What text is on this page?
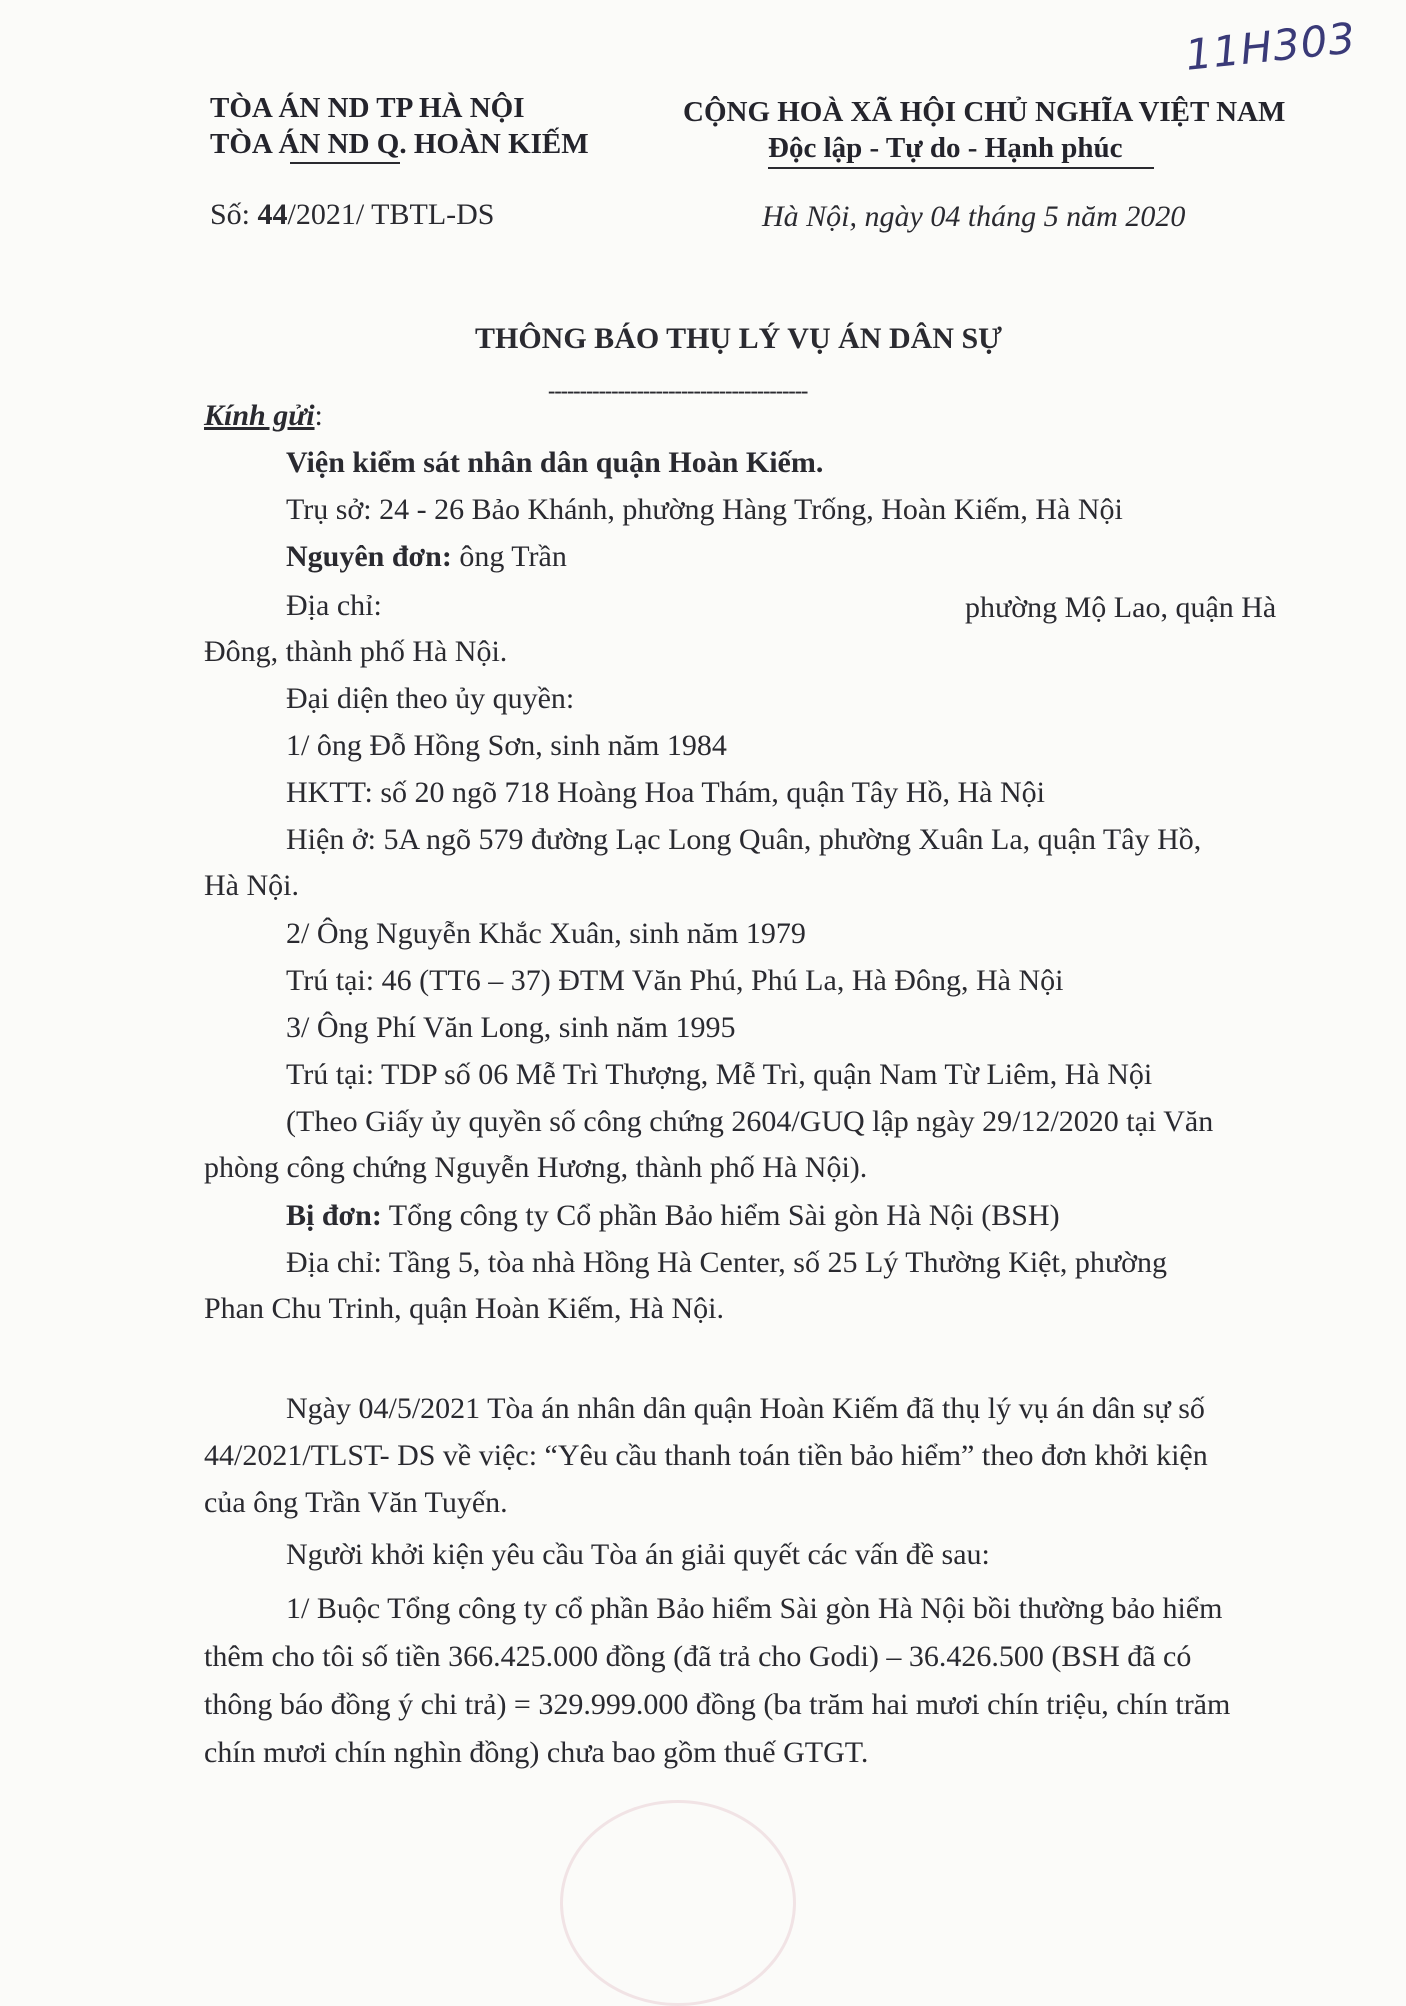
11H303
TÒA ÁN ND TP HÀ NỘI
TÒA ÁN ND Q. HOÀN KIẾM
CỘNG HOÀ XÃ HỘI CHỦ NGHĨA VIỆT NAM
Độc lập - Tự do - Hạnh phúc
Số: 44/2021/ TBTL-DS	Hà Nội, ngày 04 tháng 5 năm 2020
THÔNG BÁO THỤ LÝ VỤ ÁN DÂN SỰ
-----------------------------------------
Kính gửi:
Viện kiểm sát nhân dân quận Hoàn Kiếm.
Trụ sở: 24 - 26 Bảo Khánh, phường Hàng Trống, Hoàn Kiếm, Hà Nội
Nguyên đơn: ông Trần
Địa chỉ:	phường Mộ Lao, quận Hà
Đông, thành phố Hà Nội.
Đại diện theo ủy quyền:
1/ ông Đỗ Hồng Sơn, sinh năm 1984
HKTT: số 20 ngõ 718 Hoàng Hoa Thám, quận Tây Hồ, Hà Nội
Hiện ở: 5A ngõ 579 đường Lạc Long Quân, phường Xuân La, quận Tây Hồ,
Hà Nội.
2/ Ông Nguyễn Khắc Xuân, sinh năm 1979
Trú tại: 46 (TT6 – 37) ĐTM Văn Phú, Phú La, Hà Đông, Hà Nội
3/ Ông Phí Văn Long, sinh năm 1995
Trú tại: TDP số 06 Mễ Trì Thượng, Mễ Trì, quận Nam Từ Liêm, Hà Nội
(Theo Giấy ủy quyền số công chứng 2604/GUQ lập ngày 29/12/2020 tại Văn
phòng công chứng Nguyễn Hương, thành phố Hà Nội).
Bị đơn: Tổng công ty Cổ phần Bảo hiểm Sài gòn Hà Nội (BSH)
Địa chỉ: Tầng 5, tòa nhà Hồng Hà Center, số 25 Lý Thường Kiệt, phường
Phan Chu Trinh, quận Hoàn Kiếm, Hà Nội.
Ngày 04/5/2021 Tòa án nhân dân quận Hoàn Kiếm đã thụ lý vụ án dân sự số
44/2021/TLST- DS về việc: “Yêu cầu thanh toán tiền bảo hiểm” theo đơn khởi kiện
của ông Trần Văn Tuyến.
Người khởi kiện yêu cầu Tòa án giải quyết các vấn đề sau:
1/ Buộc Tổng công ty cổ phần Bảo hiểm Sài gòn Hà Nội bồi thường bảo hiểm
thêm cho tôi số tiền 366.425.000 đồng (đã trả cho Godi) – 36.426.500 (BSH đã có
thông báo đồng ý chi trả) = 329.999.000 đồng (ba trăm hai mươi chín triệu, chín trăm
chín mươi chín nghìn đồng) chưa bao gồm thuế GTGT.
